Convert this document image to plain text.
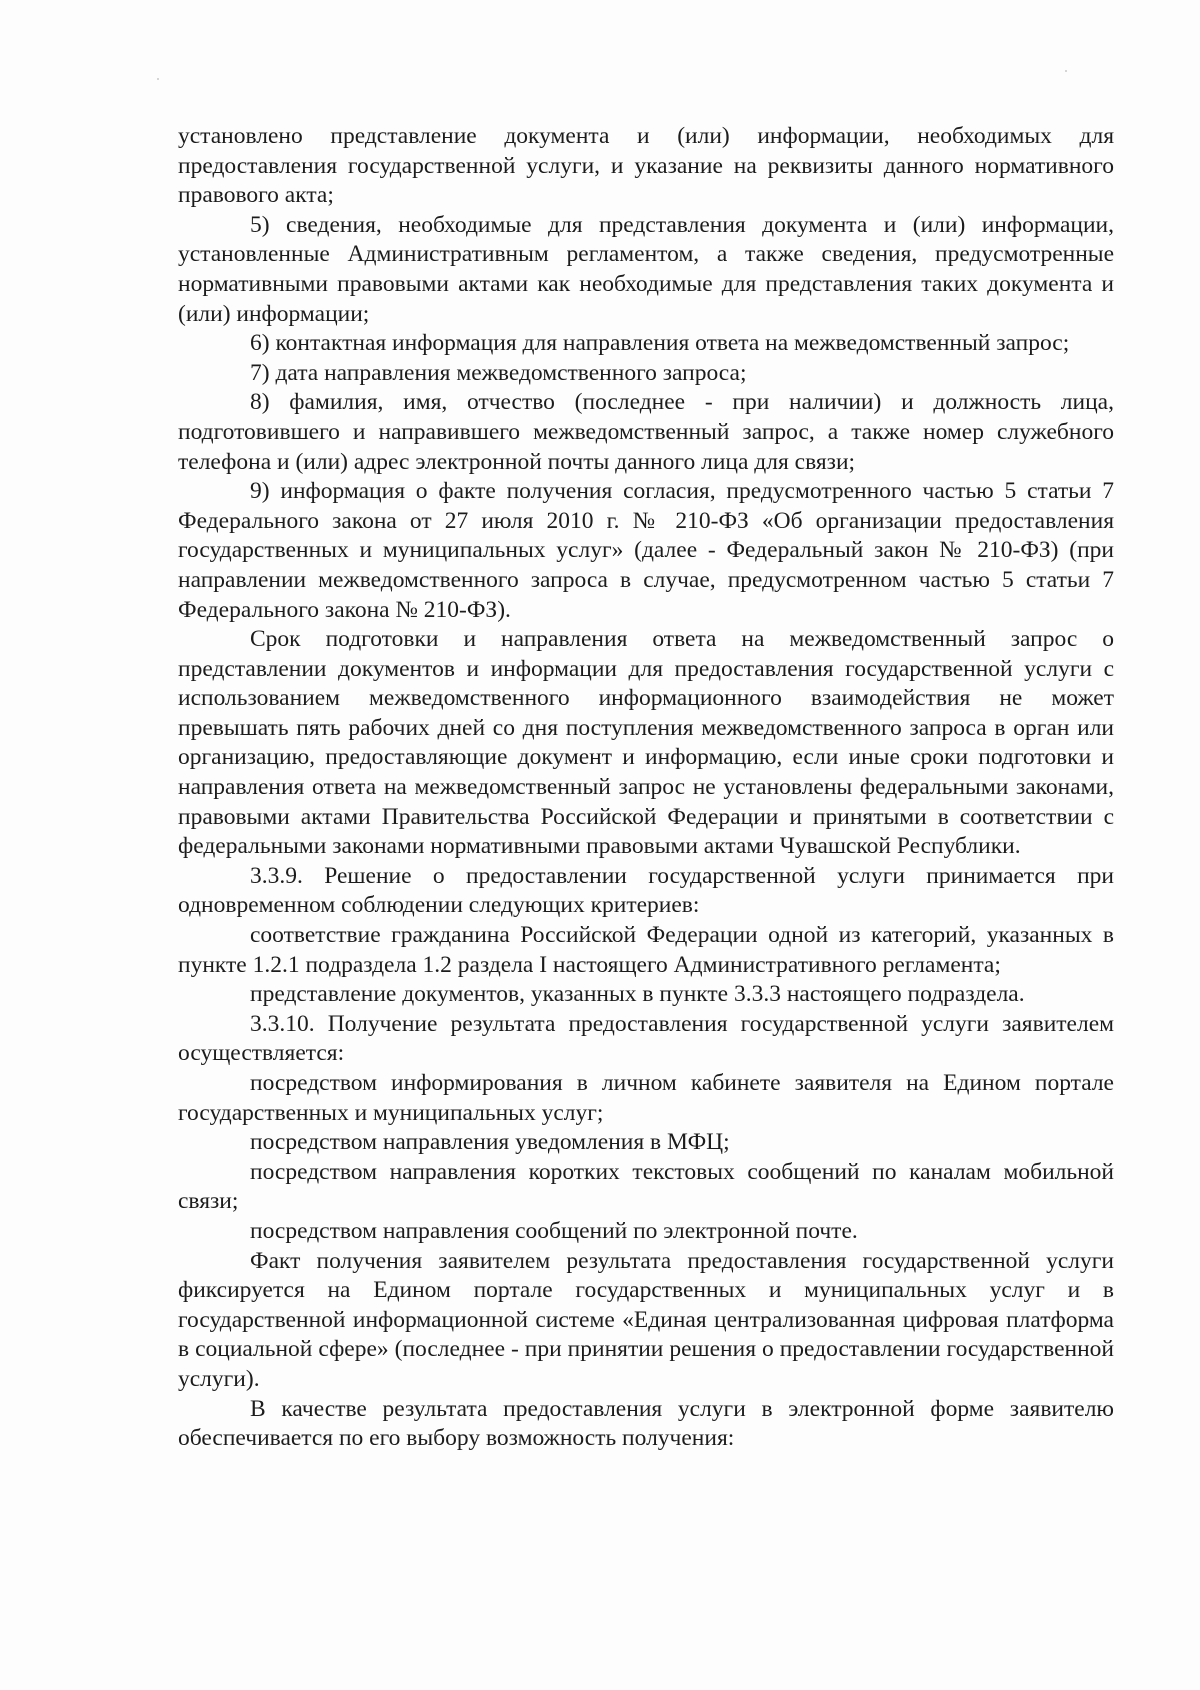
установлено представление документа и (или) информации, необходимых для предоставления государственной услуги, и указание на реквизиты данного нормативного правового акта;

5) сведения, необходимые для представления документа и (или) информации, установленные Административным регламентом, а также сведения, предусмотренные нормативными правовыми актами как необходимые для представления таких документа и (или) информации;

6) контактная информация для направления ответа на межведомственный запрос;

7) дата направления межведомственного запроса;

8) фамилия, имя, отчество (последнее - при наличии) и должность лица, подготовившего и направившего межведомственный запрос, а также номер служебного телефона и (или) адрес электронной почты данного лица для связи;

9) информация о факте получения согласия, предусмотренного частью 5 статьи 7 Федерального закона от 27 июля 2010 г. № 210-ФЗ «Об организации предоставления государственных и муниципальных услуг» (далее - Федеральный закон № 210-ФЗ) (при направлении межведомственного запроса в случае, предусмотренном частью 5 статьи 7 Федерального закона № 210-ФЗ).

Срок подготовки и направления ответа на межведомственный запрос о представлении документов и информации для предоставления государственной услуги с использованием межведомственного информационного взаимодействия не может превышать пять рабочих дней со дня поступления межведомственного запроса в орган или организацию, предоставляющие документ и информацию, если иные сроки подготовки и направления ответа на межведомственный запрос не установлены федеральными законами, правовыми актами Правительства Российской Федерации и принятыми в соответствии с федеральными законами нормативными правовыми актами Чувашской Республики.

3.3.9. Решение о предоставлении государственной услуги принимается при одновременном соблюдении следующих критериев:

соответствие гражданина Российской Федерации одной из категорий, указанных в пункте 1.2.1 подраздела 1.2 раздела I настоящего Административного регламента;

представление документов, указанных в пункте 3.3.3 настоящего подраздела.

3.3.10. Получение результата предоставления государственной услуги заявителем осуществляется:

посредством информирования в личном кабинете заявителя на Едином портале государственных и муниципальных услуг;

посредством направления уведомления в МФЦ;

посредством направления коротких текстовых сообщений по каналам мобильной связи;

посредством направления сообщений по электронной почте.

Факт получения заявителем результата предоставления государственной услуги фиксируется на Едином портале государственных и муниципальных услуг и в государственной информационной системе «Единая централизованная цифровая платформа в социальной сфере» (последнее - при принятии решения о предоставлении государственной услуги).

В качестве результата предоставления услуги в электронной форме заявителю обеспечивается по его выбору возможность получения:
